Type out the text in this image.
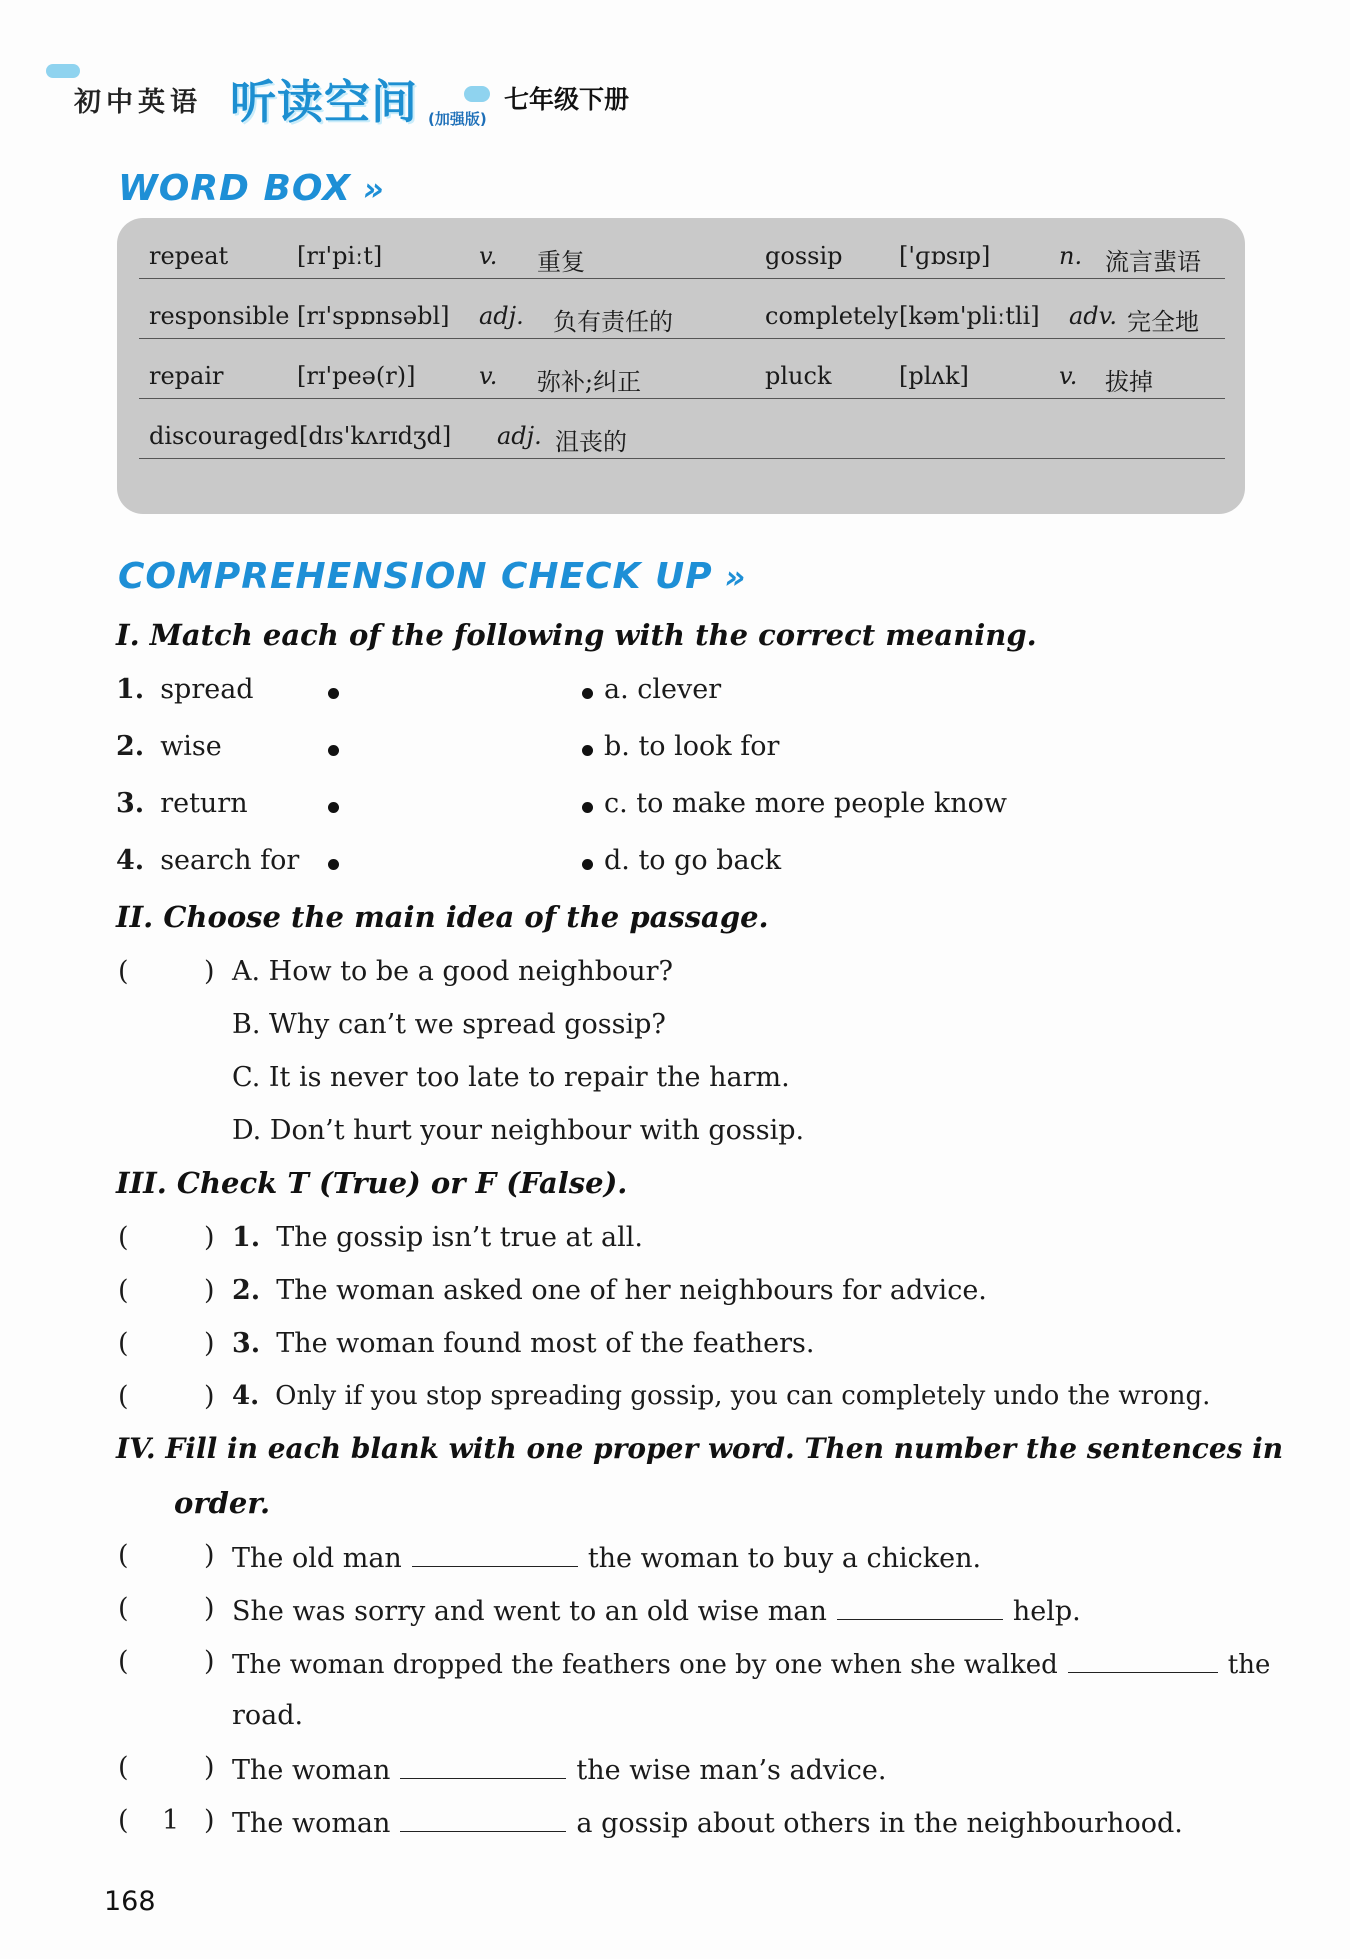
初中英语 听读空间 (加强版)
七年级下册
WORD BOX »
repeat	[rɪ'piːt]	v. 重复	gossip ['ɡɒsɪp]	n. 流言蜚语
responsible [rɪ'spɒnsəbl] adj. 负有责任的	completely [kəm'pliːtli] adv. 完全地
repair	[rɪ'peə(r)]	v. 弥补;纠正	pluck	[plʌk]	v. 拔掉
discouraged [dɪs'kʌrɪdʒd] adj. 沮丧的
COMPREHENSION CHECK UP »
I. Match each of the following with the correct meaning.
1. spread
2. wise
3. return
4. search for
a. clever
b. to look for
c. to make more people know
d. to go back
II. Choose the main idea of the passage.
(	) A. How to be a good neighbour?
B. Why can’t we spread gossip?
C. It is never too late to repair the harm.
D. Don’t hurt your neighbour with gossip.
III. Check T (True) or F (False).
(	) 1. The gossip isn’t true at all.
(	) 2. The woman asked one of her neighbours for advice.
(	) 3. The woman found most of the feathers.
(	) 4. Only if you stop spreading gossip, you can completely undo the wrong.
IV. Fill in each blank with one proper word. Then number the sentences in
order.
(	) The old man	the woman to buy a chicken.
(	) She was sorry and went to an old wise man	help.
(	) The woman dropped the feathers one by one when she walked	the
road.
(	) The woman	the wise man’s advice.
( 1 ) The woman	a gossip about others in the neighbourhood.
168
